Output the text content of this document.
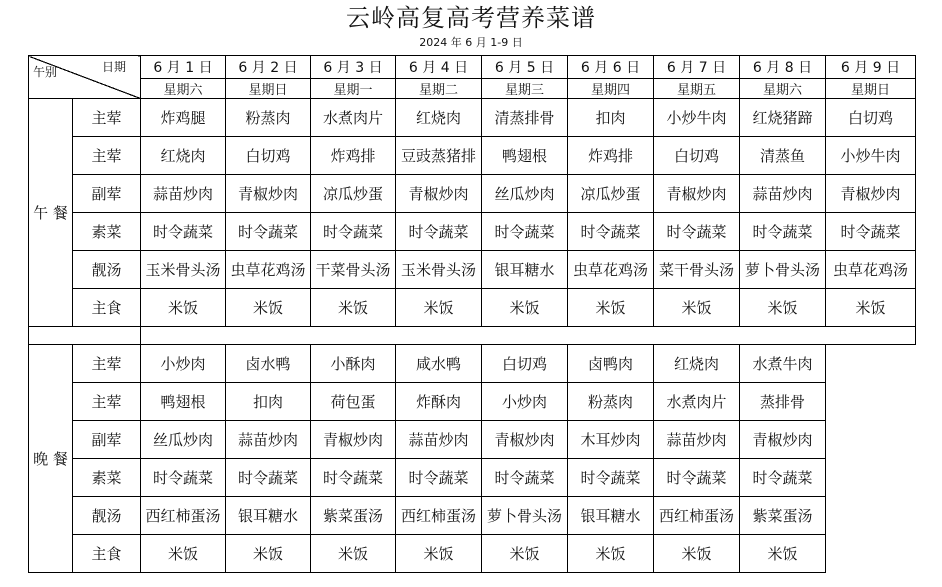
云岭高复高考营养菜谱
2024 年 6 月 1-9 日
日期
午别		6 月 1 日	6 月 2 日	6 月 3 日	6 月 4 日	6 月 5 日	6 月 6 日	6 月 7 日	6 月 8 日	6 月 9 日
		星期六	星期日	星期一	星期二	星期三	星期四	星期五	星期六	星期日
午 餐	主荤	炸鸡腿	粉蒸肉	水煮肉片	红烧肉	清蒸排骨	扣肉	小炒牛肉	红烧猪蹄	白切鸡
	主荤	红烧肉	白切鸡	炸鸡排	豆豉蒸猪排	鸭翅根	炸鸡排	白切鸡	清蒸鱼	小炒牛肉
	副荤	蒜苗炒肉	青椒炒肉	凉瓜炒蛋	青椒炒肉	丝瓜炒肉	凉瓜炒蛋	青椒炒肉	蒜苗炒肉	青椒炒肉
	素菜	时令蔬菜	时令蔬菜	时令蔬菜	时令蔬菜	时令蔬菜	时令蔬菜	时令蔬菜	时令蔬菜	时令蔬菜
	靓汤	玉米骨头汤	虫草花鸡汤	干菜骨头汤	玉米骨头汤	银耳糖水	虫草花鸡汤	菜干骨头汤	萝卜骨头汤	虫草花鸡汤
	主食	米饭	米饭	米饭	米饭	米饭	米饭	米饭	米饭	米饭

晚 餐	主荤	小炒肉	卤水鸭	小酥肉	咸水鸭	白切鸡	卤鸭肉	红烧肉	水煮牛肉	
	主荤	鸭翅根	扣肉	荷包蛋	炸酥肉	小炒肉	粉蒸肉	水煮肉片	蒸排骨	
	副荤	丝瓜炒肉	蒜苗炒肉	青椒炒肉	蒜苗炒肉	青椒炒肉	木耳炒肉	蒜苗炒肉	青椒炒肉	
	素菜	时令蔬菜	时令蔬菜	时令蔬菜	时令蔬菜	时令蔬菜	时令蔬菜	时令蔬菜	时令蔬菜	
	靓汤	西红柿蛋汤	银耳糖水	紫菜蛋汤	西红柿蛋汤	萝卜骨头汤	银耳糖水	西红柿蛋汤	紫菜蛋汤	
	主食	米饭	米饭	米饭	米饭	米饭	米饭	米饭	米饭	
